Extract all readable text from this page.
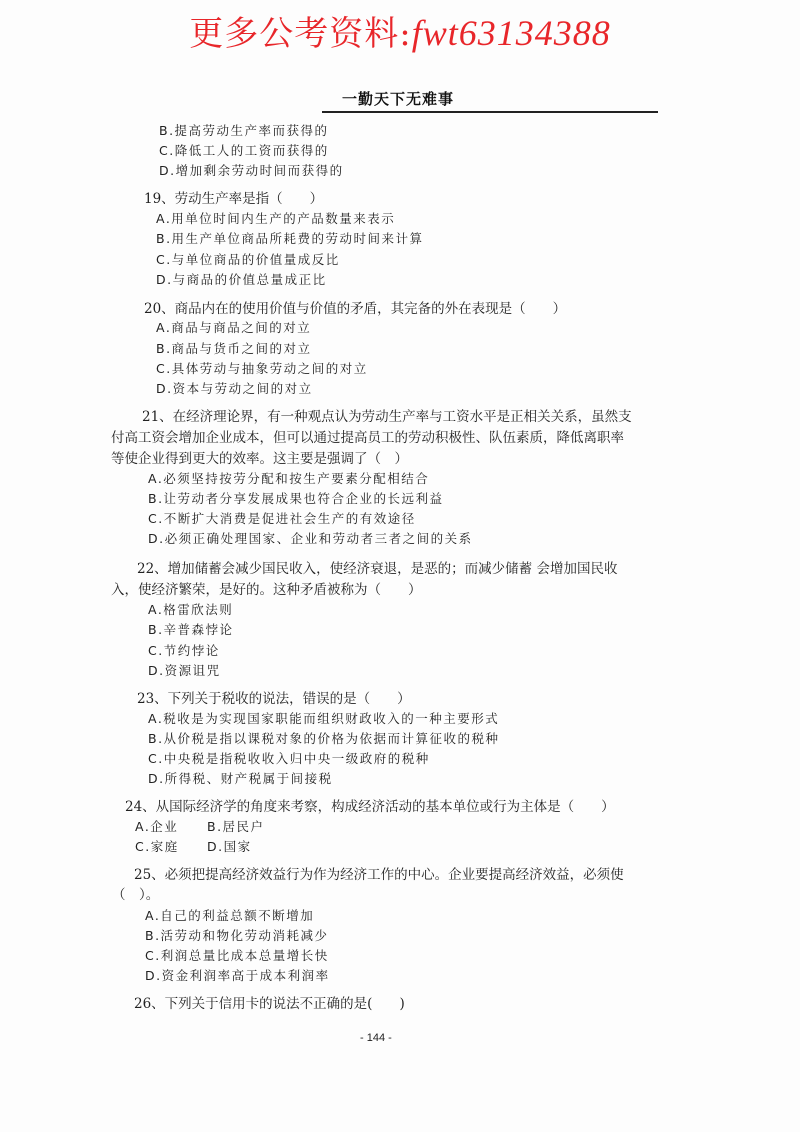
更多公考资料:fwt63134388
一勤天下无难事
B.提高劳动生产率而获得的
C.降低工人的工资而获得的
D.增加剩余劳动时间而获得的
19、劳动生产率是指（　　）
A.用单位时间内生产的产品数量来表示
B.用生产单位商品所耗费的劳动时间来计算
C.与单位商品的价值量成反比
D.与商品的价值总量成正比
20、商品内在的使用价值与价值的矛盾，其完备的外在表现是（　　）
A.商品与商品之间的对立
B.商品与货币之间的对立
C.具体劳动与抽象劳动之间的对立
D.资本与劳动之间的对立
21、在经济理论界，有一种观点认为劳动生产率与工资水平是正相关关系，虽然支
付高工资会增加企业成本，但可以通过提高员工的劳动积极性、队伍素质，降低离职率
等使企业得到更大的效率。这主要是强调了（　）
A.必须坚持按劳分配和按生产要素分配相结合
B.让劳动者分享发展成果也符合企业的长远利益
C.不断扩大消费是促进社会生产的有效途径
D.必须正确处理国家、企业和劳动者三者之间的关系
22、增加储蓄会减少国民收入，使经济衰退，是恶的；而减少储蓄 会增加国民收
入，使经济繁荣，是好的。这种矛盾被称为（　　）
A.格雷欣法则
B.辛普森悖论
C.节约悖论
D.资源诅咒
23、下列关于税收的说法，错误的是（　　）
A.税收是为实现国家职能而组织财政收入的一种主要形式
B.从价税是指以课税对象的价格为依据而计算征收的税种
C.中央税是指税收收入归中央一级政府的税种
D.所得税、财产税属于间接税
24、从国际经济学的角度来考察，构成经济活动的基本单位或行为主体是（　　）
A.企业 B.居民户
C.家庭 D.国家
25、必须把提高经济效益行为作为经济工作的中心。企业要提高经济效益，必须使
（　）。
A.自己的利益总额不断增加
B.活劳动和物化劳动消耗减少
C.利润总量比成本总量增长快
D.资金利润率高于成本利润率
26、下列关于信用卡的说法不正确的是(　　)
- 144 -
